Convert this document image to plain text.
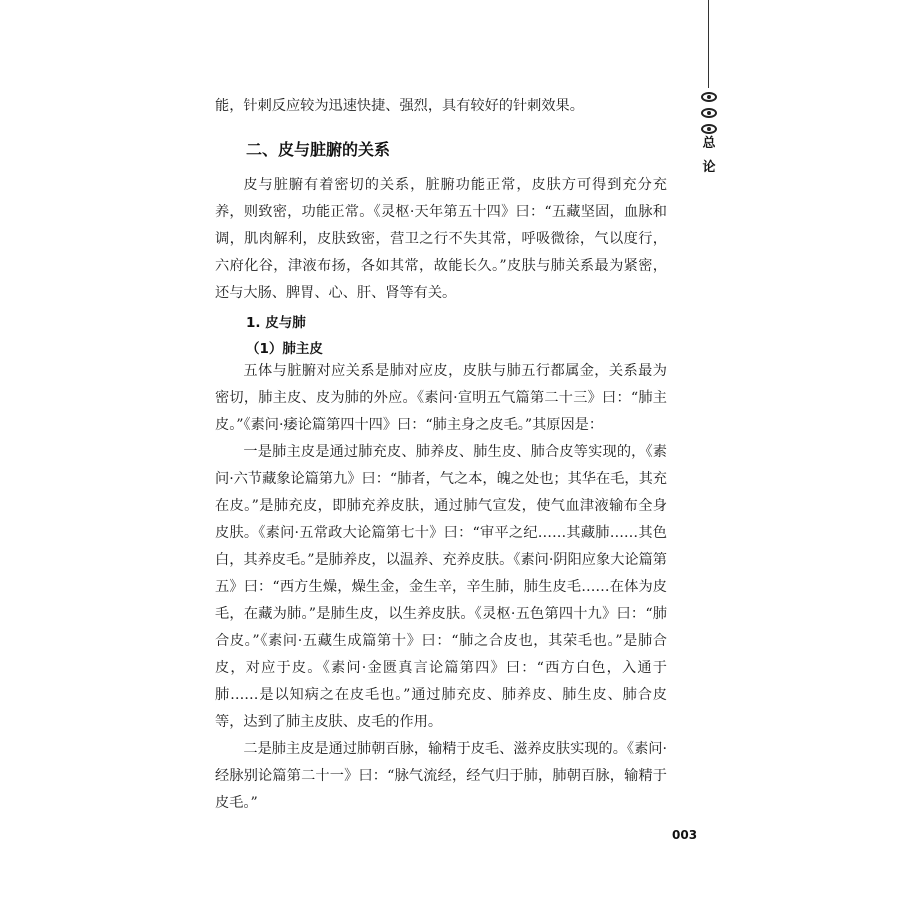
总
论

能，针刺反应较为迅速快捷、强烈，具有较好的针刺效果。

二、皮与脏腑的关系

皮与脏腑有着密切的关系，脏腑功能正常，皮肤方可得到充分充养，则致密，功能正常。《灵枢·天年第五十四》曰：“五藏坚固，血脉和调，肌肉解利，皮肤致密，营卫之行不失其常，呼吸微徐，气以度行，六府化谷，津液布扬，各如其常，故能长久。”皮肤与肺关系最为紧密，还与大肠、脾胃、心、肝、肾等有关。

1. 皮与肺
（1）肺主皮

五体与脏腑对应关系是肺对应皮，皮肤与肺五行都属金，关系最为密切，肺主皮、皮为肺的外应。《素问·宣明五气篇第二十三》曰：“肺主皮。”《素问·痿论篇第四十四》曰：“肺主身之皮毛。”其原因是：

一是肺主皮是通过肺充皮、肺养皮、肺生皮、肺合皮等实现的，《素问·六节藏象论篇第九》曰：“肺者，气之本，魄之处也；其华在毛，其充在皮。”是肺充皮，即肺充养皮肤，通过肺气宣发，使气血津液输布全身皮肤。《素问·五常政大论篇第七十》曰：“审平之纪……其藏肺……其色白，其养皮毛。”是肺养皮，以温养、充养皮肤。《素问·阴阳应象大论篇第五》曰：“西方生燥，燥生金，金生辛，辛生肺，肺生皮毛……在体为皮毛，在藏为肺。”是肺生皮，以生养皮肤。《灵枢·五色第四十九》曰：“肺合皮。”《素问·五藏生成篇第十》曰：“肺之合皮也，其荣毛也。”是肺合皮，对应于皮。《素问·金匮真言论篇第四》曰：“西方白色，入通于肺……是以知病之在皮毛也。”通过肺充皮、肺养皮、肺生皮、肺合皮等，达到了肺主皮肤、皮毛的作用。

二是肺主皮是通过肺朝百脉，输精于皮毛、滋养皮肤实现的。《素问·经脉别论篇第二十一》曰：“脉气流经，经气归于肺，肺朝百脉，输精于皮毛。”

003
